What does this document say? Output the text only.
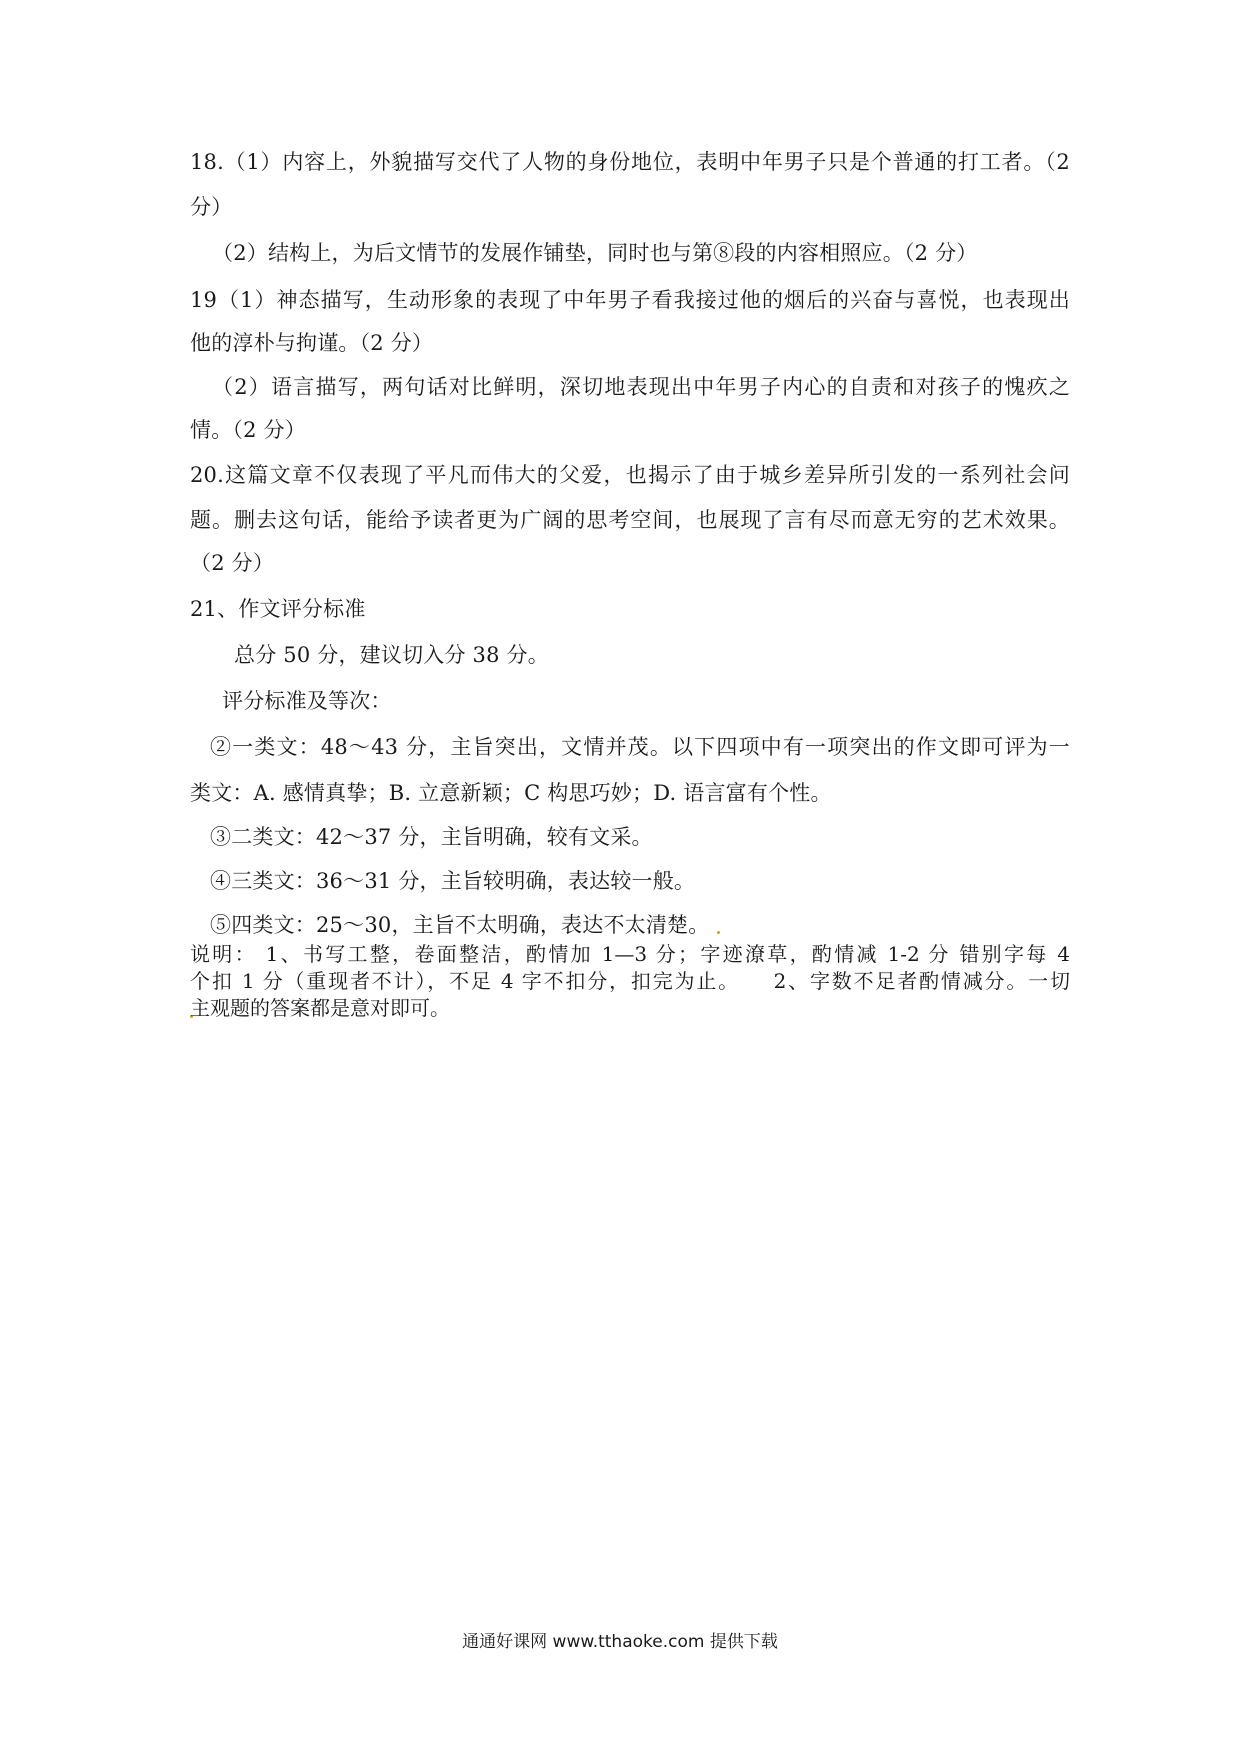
18.（1）内容上，外貌描写交代了人物的身份地位，表明中年男子只是个普通的打工者。（2
分）
（2）结构上，为后文情节的发展作铺垫，同时也与第⑧段的内容相照应。（2 分）
19（1）神态描写，生动形象的表现了中年男子看我接过他的烟后的兴奋与喜悦，也表现出
他的淳朴与拘谨。（2 分）
（2）语言描写，两句话对比鲜明，深切地表现出中年男子内心的自责和对孩子的愧疚之
情。（2 分）
20.这篇文章不仅表现了平凡而伟大的父爱，也揭示了由于城乡差异所引发的一系列社会问
题。删去这句话，能给予读者更为广阔的思考空间，也展现了言有尽而意无穷的艺术效果。
（2 分）
21、作文评分标准
总分 50 分，建议切入分 38 分。
评分标准及等次：
②一类文：48～43 分，主旨突出，文情并茂。以下四项中有一项突出的作文即可评为一
类文：A. 感情真挚；B. 立意新颖；C 构思巧妙；D. 语言富有个性。
③二类文：42～37 分，主旨明确，较有文采。
④三类文：36～31 分，主旨较明确，表达较一般。
⑤四类文：25～30，主旨不太明确，表达不太清楚。
说明： 1、书写工整，卷面整洁，酌情加 1—3 分；字迹潦草，酌情减 1-2 分 错别字每 4
个扣 1 分（重现者不计），不足 4 字不扣分，扣完为止。　　2、字数不足者酌情减分。一切
主观题的答案都是意对即可。
通通好课网 www.tthaoke.com 提供下载
